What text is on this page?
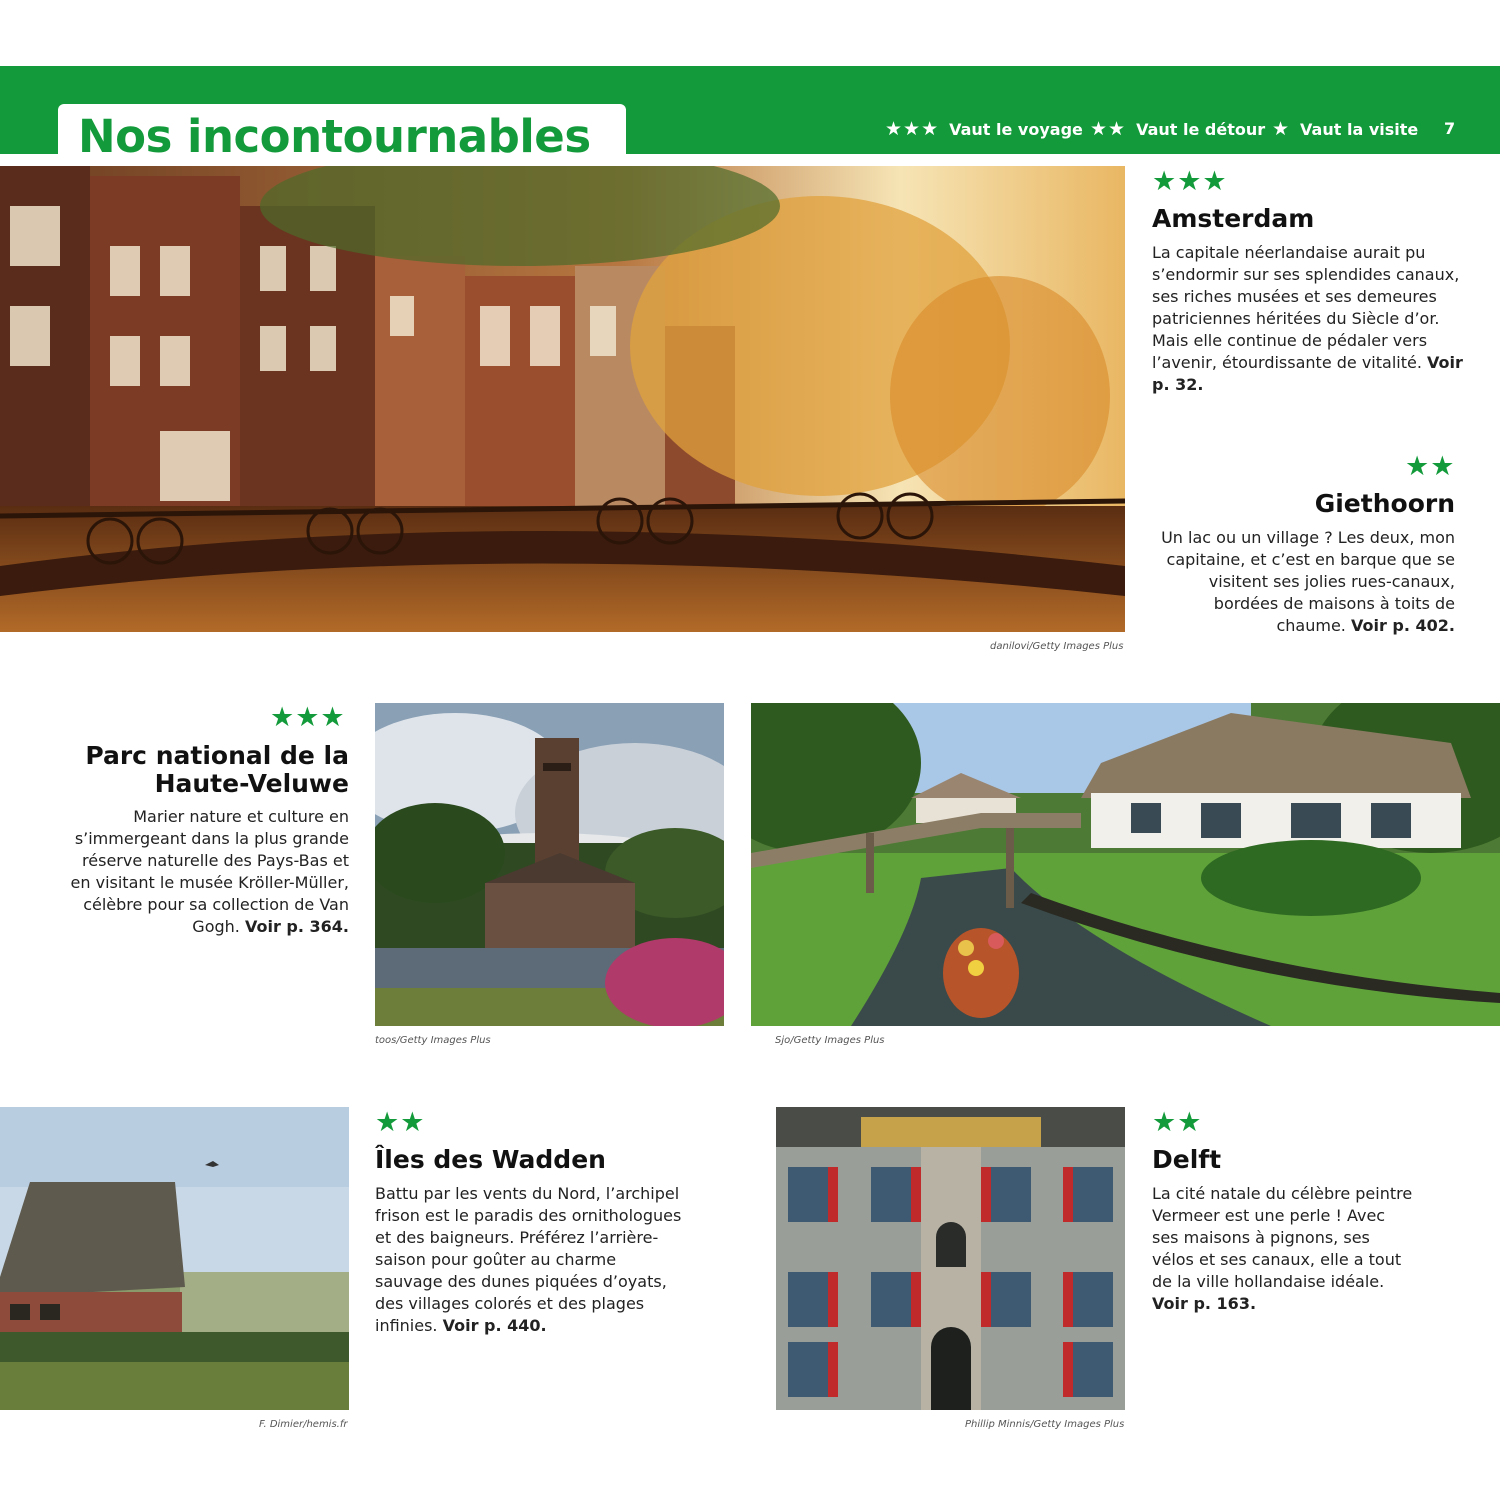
Nos incontournables	★★★ Vaut le voyage ★★ Vaut le détour ★ Vaut la visite 7
danilovi/Getty Images Plus
★★★
Amsterdam

La capitale néerlandaise aurait pu s’endormir sur ses splendides canaux, ses riches musées et ses demeures patriciennes héritées du Siècle d’or. Mais elle continue de pédaler vers l’avenir, étourdissante de vitalité. Voir p. 32.

★★
Giethoorn

Un lac ou un village ? Les deux, mon capitaine, et c’est en barque que se visitent ses jolies rues-canaux, bordées de maisons à toits de chaume. Voir p. 402.

★★★
Parc national de la Haute-Veluwe

Marier nature et culture en s’immergeant dans la plus grande réserve naturelle des Pays-Bas et en visitant le musée Kröller-Müller, célèbre pour sa collection de Van Gogh. Voir p. 364.

toos/Getty Images Plus	Sjo/Getty Images Plus
F. Dimier/hemis.fr
★★
Îles des Wadden

Battu par les vents du Nord, l’archipel frison est le paradis des ornithologues et des baigneurs. Préférez l’arrière-saison pour goûter au charme sauvage des dunes piquées d’oyats, des villages colorés et des plages infinies. Voir p. 440.

Phillip Minnis/Getty Images Plus
★★
Delft

La cité natale du célèbre peintre Vermeer est une perle ! Avec ses maisons à pignons, ses vélos et ses canaux, elle a tout de la ville hollandaise idéale. Voir p. 163.
